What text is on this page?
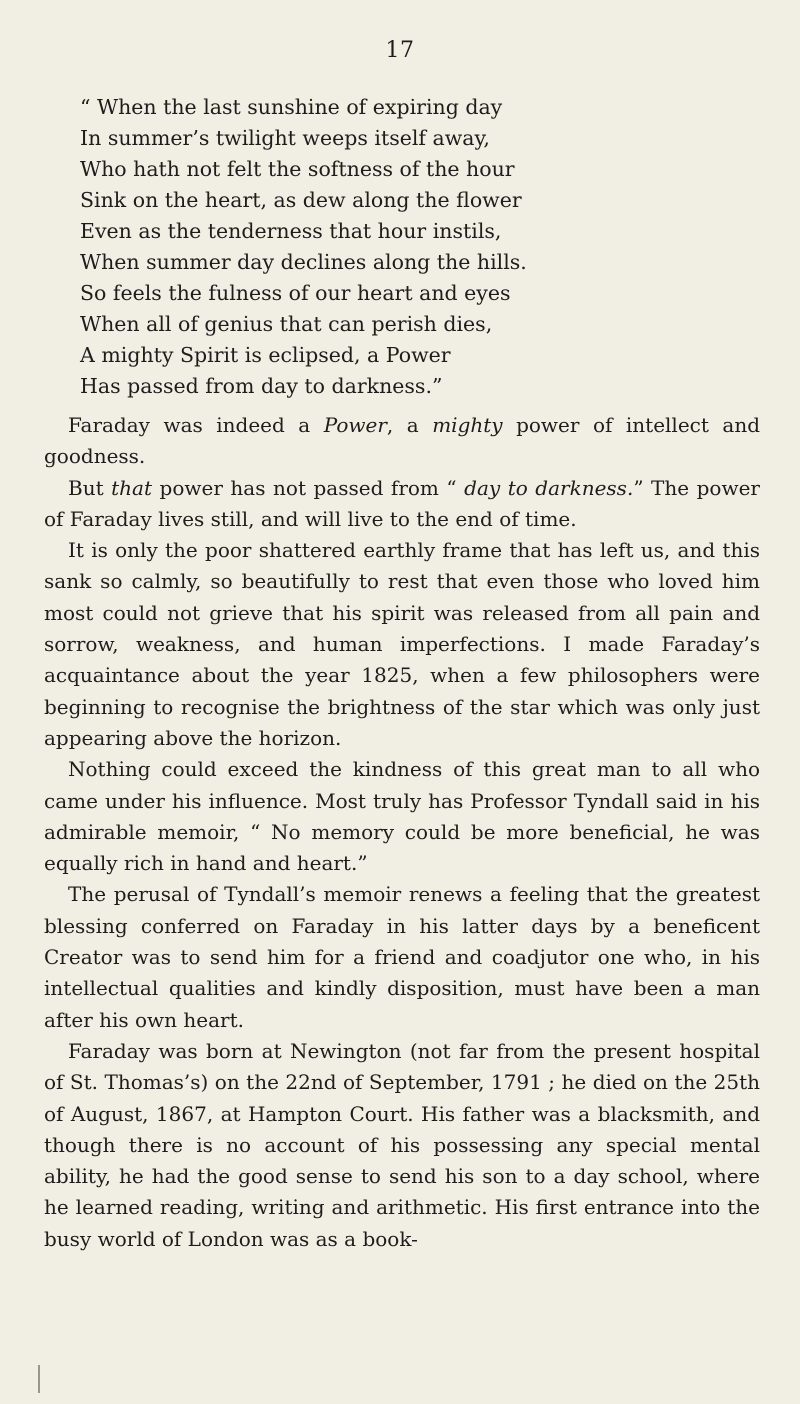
17
“ When the last sunshine of expiring day
In summer’s twilight weeps itself away,
Who hath not felt the softness of the hour
Sink on the heart, as dew along the flower
Even as the tenderness that hour instils,
When summer day declines along the hills.
So feels the fulness of our heart and eyes
When all of genius that can perish dies,
A mighty Spirit is eclipsed, a Power
Has passed from day to darkness.”

Faraday was indeed a Power, a mighty power of intellect and goodness.

But that power has not passed from “ day to darkness.” The power of Faraday lives still, and will live to the end of time.

It is only the poor shattered earthly frame that has left us, and this sank so calmly, so beautifully to rest that even those who loved him most could not grieve that his spirit was released from all pain and sorrow, weakness, and human imperfections. I made Faraday’s acquaintance about the year 1825, when a few philosophers were beginning to recognise the brightness of the star which was only just appearing above the horizon.

Nothing could exceed the kindness of this great man to all who came under his influence. Most truly has Professor Tyndall said in his admirable memoir, “ No memory could be more beneficial, he was equally rich in hand and heart.”

The perusal of Tyndall’s memoir renews a feeling that the greatest blessing conferred on Faraday in his latter days by a beneficent Creator was to send him for a friend and coadjutor one who, in his intellectual qualities and kindly disposition, must have been a man after his own heart.

Faraday was born at Newington (not far from the present hospital of St. Thomas’s) on the 22nd of September, 1791 ; he died on the 25th of August, 1867, at Hampton Court. His father was a blacksmith, and though there is no account of his possessing any special mental ability, he had the good sense to send his son to a day school, where he learned reading, writing and arithmetic. His first entrance into the busy world of London was as a book-
